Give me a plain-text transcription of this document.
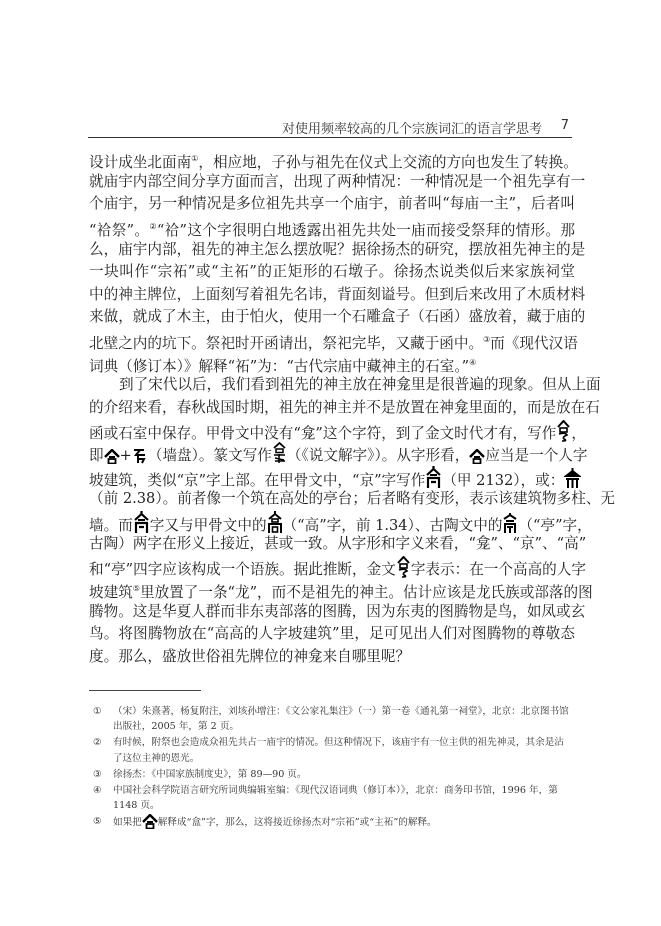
对使用频率较高的几个宗族词汇的语言学思考 7
设计成坐北面南①，相应地，子孙与祖先在仪式上交流的方向也发生了转换。
就庙宇内部空间分享方面而言，出现了两种情况：一种情况是一个祖先享有一
个庙宇，另一种情况是多位祖先共享一个庙宇，前者叫“每庙一主”，后者叫
“祫祭”。②“祫”这个字很明白地透露出祖先共处一庙而接受祭拜的情形。那
么，庙宇内部，祖先的神主怎么摆放呢？据徐扬杰的研究，摆放祖先神主的是
一块叫作“宗祏”或“主祏”的正矩形的石墩子。徐扬杰说类似后来家族祠堂
中的神主牌位，上面刻写着祖先名讳，背面刻谥号。但到后来改用了木质材料
来做，就成了木主，由于怕火，使用一个石雕盒子（石函）盛放着，藏于庙的
北壁之内的坑下。祭祀时开函请出，祭祀完毕，又藏于函中。③而《现代汉语
词典（修订本）》解释“祏”为：“古代宗庙中藏神主的石室。”④
到了宋代以后，我们看到祖先的神主放在神龛里是很普遍的现象。但从上面
的介绍来看，春秋战国时期，祖先的神主并不是放置在神龛里面的，而是放在石
函或石室中保存。甲骨文中没有“龛”这个字符，到了金文时代才有，写作 ，
即 + （墙盘）。篆文写作 （《说文解字》）。从字形看， 应当是一个人字
坡建筑，类似“京”字上部。在甲骨文中，“京”字写作 （甲 2132），或：
（前 2.38）。前者像一个筑在高处的亭台；后者略有变形，表示该建筑物多柱、无
墙。而 字又与甲骨文中的 （“高”字，前 1.34）、古陶文中的 （“亭”字，
古陶）两字在形义上接近，甚或一致。从字形和字义来看，“龛”、“京”、“高”
和“亭”四字应该构成一个语族。据此推断，金文 字表示：在一个高高的人字
坡建筑⑤里放置了一条“龙”，而不是祖先的神主。估计应该是龙氏族或部落的图
腾物。这是华夏人群而非东夷部落的图腾，因为东夷的图腾物是鸟，如凤或玄
鸟。将图腾物放在“高高的人字坡建筑”里，足可见出人们对图腾物的尊敬态
度。那么，盛放世俗祖先牌位的神龛来自哪里呢？
① （宋）朱熹著，杨复附注，刘垓孙增注：《文公家礼集注》（一）第一卷《通礼第一祠堂》，北京：北京图书馆出版社，2005 年，第 2 页。
② 有时候，附祭也会造成众祖先共占一庙宇的情况。但这种情况下，该庙宇有一位主供的祖先神灵，其余是沾了这位主神的恩光。
③ 徐扬杰：《中国家族制度史》，第 89—90 页。
④ 中国社会科学院语言研究所词典编辑室编：《现代汉语词典（修订本）》，北京：商务印书馆，1996 年，第 1148 页。
⑤ 如果把 解释成“盒”字，那么，这将接近徐扬杰对“宗祏”或“主祏”的解释。
